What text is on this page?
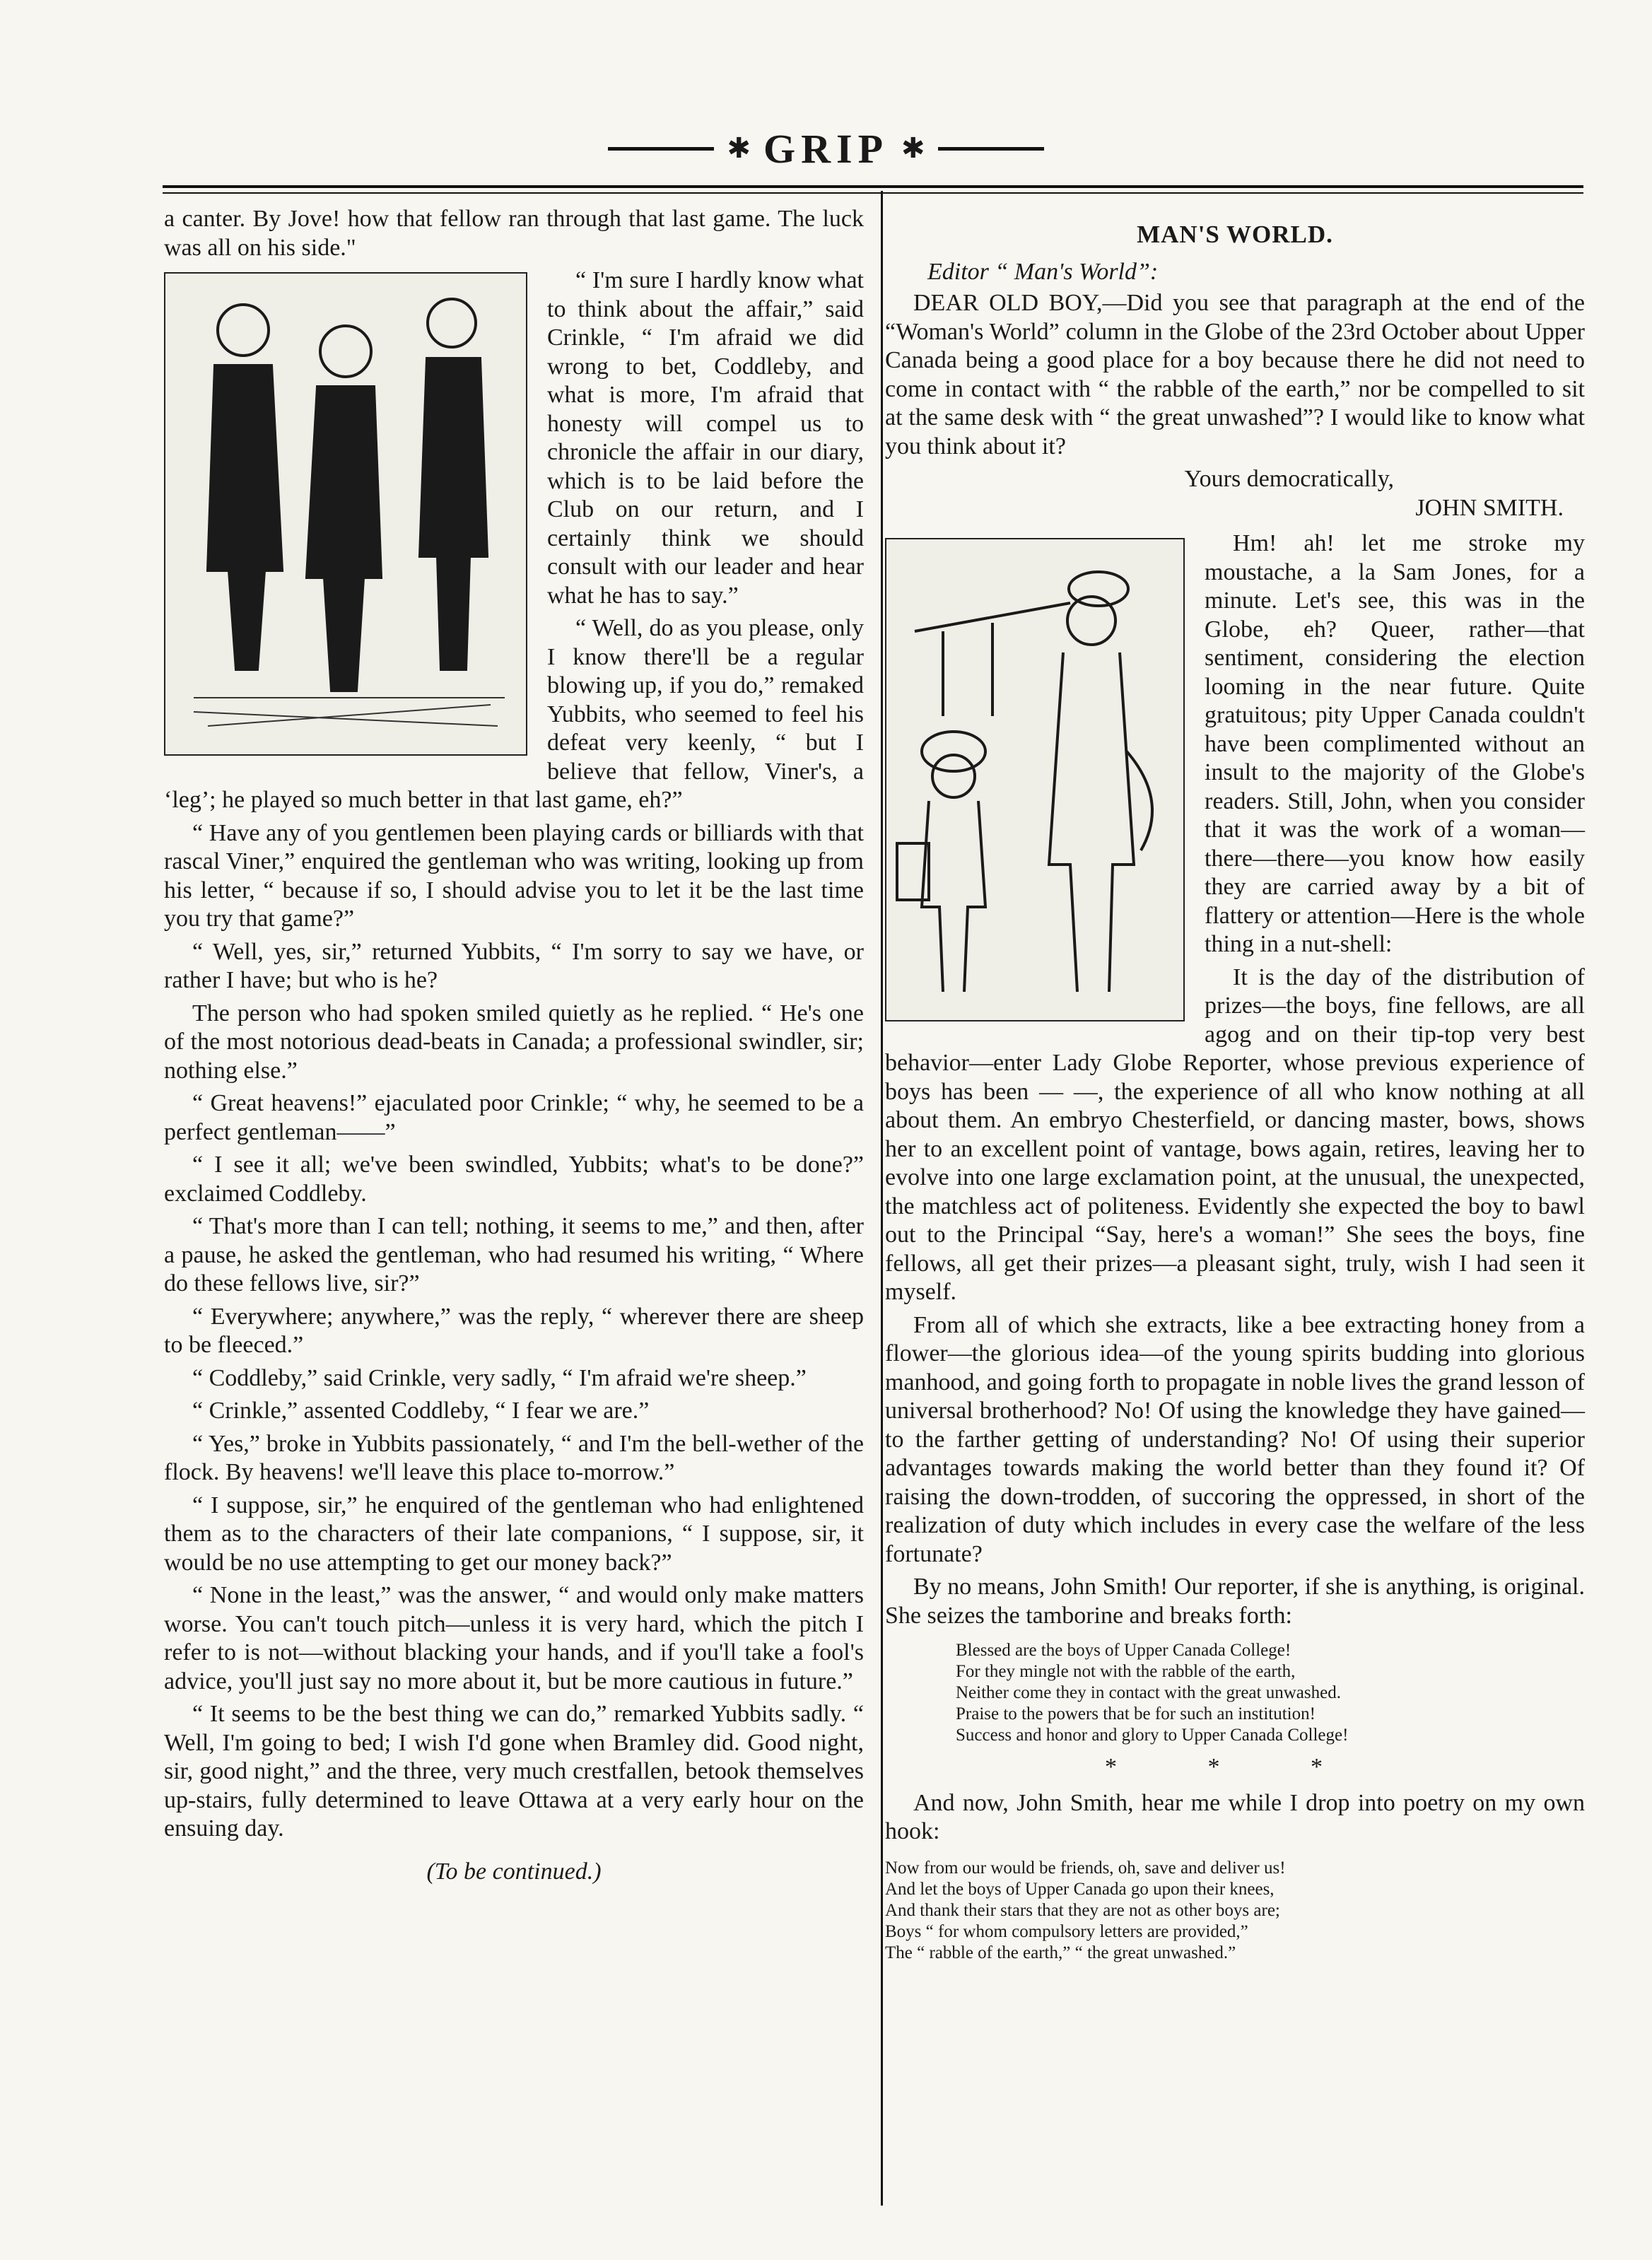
✱ GRIP ✱

a canter. By Jove! how that fellow ran through that last game. The luck was all on his side."

“ I'm sure I hardly know what to think about the affair,” said Crinkle, “ I'm afraid we did wrong to bet, Coddleby, and what is more, I'm afraid that honesty will compel us to chronicle the affair in our diary, which is to be laid before the Club on our return, and I certainly think we should consult with our leader and hear what he has to say.”

“ Well, do as you please, only I know there'll be a regular blowing up, if you do,” remaked Yubbits, who seemed to feel his defeat very keenly, “ but I believe that fellow, Viner's, a ‘leg’; he played so much better in that last game, eh?”

“ Have any of you gentlemen been playing cards or billiards with that rascal Viner,” enquired the gentleman who was writing, looking up from his letter, “ because if so, I should advise you to let it be the last time you try that game?”

“ Well, yes, sir,” returned Yubbits, “ I'm sorry to say we have, or rather I have; but who is he?

The person who had spoken smiled quietly as he replied. “ He's one of the most notorious dead-beats in Canada; a professional swindler, sir; nothing else.”

“ Great heavens!” ejaculated poor Crinkle; “ why, he seemed to be a perfect gentleman——”

“ I see it all; we've been swindled, Yubbits; what's to be done?” exclaimed Coddleby.

“ That's more than I can tell; nothing, it seems to me,” and then, after a pause, he asked the gentleman, who had resumed his writing, “ Where do these fellows live, sir?”

“ Everywhere; anywhere,” was the reply, “ wherever there are sheep to be fleeced.”

“ Coddleby,” said Crinkle, very sadly, “ I'm afraid we're sheep.”

“ Crinkle,” assented Coddleby, “ I fear we are.”

“ Yes,” broke in Yubbits passionately, “ and I'm the bell-wether of the flock. By heavens! we'll leave this place to-morrow.”

“ I suppose, sir,” he enquired of the gentleman who had enlightened them as to the characters of their late companions, “ I suppose, sir, it would be no use attempting to get our money back?”

“ None in the least,” was the answer, “ and would only make matters worse. You can't touch pitch—unless it is very hard, which the pitch I refer to is not—without blacking your hands, and if you'll take a fool's advice, you'll just say no more about it, but be more cautious in future.”

“ It seems to be the best thing we can do,” remarked Yubbits sadly. “ Well, I'm going to bed; I wish I'd gone when Bramley did. Good night, sir, good night,” and the three, very much crestfallen, betook themselves up-stairs, fully determined to leave Ottawa at a very early hour on the ensuing day.

(To be continued.)
MAN'S WORLD.
Editor “ Man's World”:

DEAR OLD BOY,—Did you see that paragraph at the end of the “Woman's World” column in the Globe of the 23rd October about Upper Canada being a good place for a boy because there he did not need to come in contact with “ the rabble of the earth,” nor be compelled to sit at the same desk with “ the great unwashed”? I would like to know what you think about it?

Yours democratically,
JOHN SMITH.

Hm! ah! let me stroke my moustache, a la Sam Jones, for a minute. Let's see, this was in the Globe, eh? Queer, rather—that sentiment, considering the election looming in the near future. Quite gratuitous; pity Upper Canada couldn't have been complimented without an insult to the majority of the Globe's readers. Still, John, when you consider that it was the work of a woman—there—there—you know how easily they are carried away by a bit of flattery or attention—Here is the whole thing in a nut-shell:

It is the day of the distribution of prizes—the boys, fine fellows, are all agog and on their tip-top very best behavior—enter Lady Globe Reporter, whose previous experience of boys has been — —, the experience of all who know nothing at all about them. An embryo Chesterfield, or dancing master, bows, shows her to an excellent point of vantage, bows again, retires, leaving her to evolve into one large exclamation point, at the unusual, the unexpected, the matchless act of politeness. Evidently she expected the boy to bawl out to the Principal “Say, here's a woman!” She sees the boys, fine fellows, all get their prizes—a pleasant sight, truly, wish I had seen it myself.

From all of which she extracts, like a bee extracting honey from a flower—the glorious idea—of the young spirits budding into glorious manhood, and going forth to propagate in noble lives the grand lesson of universal brotherhood? No! Of using the knowledge they have gained—to the farther getting of understanding? No! Of using their superior advantages towards making the world better than they found it? Of raising the down-trodden, of succoring the oppressed, in short of the realization of duty which includes in every case the welfare of the less fortunate?

By no means, John Smith! Our reporter, if she is anything, is original. She seizes the tamborine and breaks forth:

Blessed are the boys of Upper Canada College!
For they mingle not with the rabble of the earth,
Neither come they in contact with the great unwashed.
Praise to the powers that be for such an institution!
Success and honor and glory to Upper Canada College!
* * *

And now, John Smith, hear me while I drop into poetry on my own hook:

Now from our would be friends, oh, save and deliver us!
And let the boys of Upper Canada go upon their knees,
And thank their stars that they are not as other boys are;
Boys “ for whom compulsory letters are provided,”
The “ rabble of the earth,” “ the great unwashed.”
